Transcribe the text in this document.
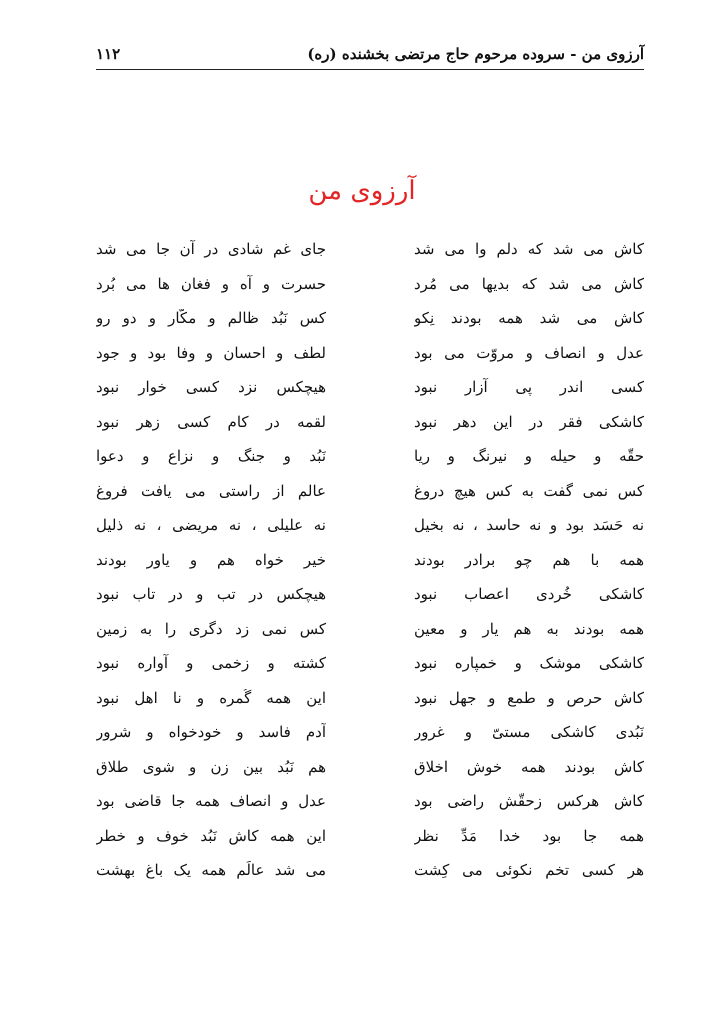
آرزوی من - سروده مرحوم حاج مرتضی بخشنده (ره)
۱۱۲
آرزوی من
کاش می شد که دلم وا می شد
جای غم شادی در آن جا می شد
کاش می شد که بدیها می مُرد
حسرت و آه و فغان ها می بُرد
کاش می شد همه بودند نِکو
کس نَبُد ظالم و مکّار و دو رو
عدل و انصاف و مروّت می بود
لطف و احسان و وفا بود و جود
کسی اندر پی آزار نبود
هیچکس نزد کسی خوار نبود
کاشکی فقر در این دهر نبود
لقمه در کام کسی زهر نبود
حقّه و حیله و نیرنگ و ریا
نَبُد و جنگ و نزاع و دعوا
کس نمی گفت به کس هیچ دروغ
عالم از راستی می یافت فروغ
نه حَسَد بود و نه حاسد ، نه بخیل
نه علیلی ، نه مریضی ، نه ذلیل
همه با هم چو برادر بودند
خیر خواه هم و یاور بودند
کاشکی خُردی اعصاب نبود
هیچکس در تب و در تاب نبود
همه بودند به هم یار و معین
کس نمی زد دگری را به زمین
کاشکی موشک و خمپاره نبود
کشته و زخمی و آواره نبود
کاش حرص و طمع و جهل نبود
این همه گُمره و نا اهل نبود
نَبُدی کاشکی مستیّ و غرور
آدم فاسد و خودخواه و شرور
کاش بودند همه خوش اخلاق
هم نَبُد بین زن و شوی طلاق
کاش هرکس زحقّش راضی بود
عدل و انصاف همه جا قاضی بود
همه جا بود خدا مَدِّ نظر
این همه کاش نَبُد خوف و خطر
هر کسی تخم نکوئی می کِشت
می شد عالَم همه یک باغ بهشت
